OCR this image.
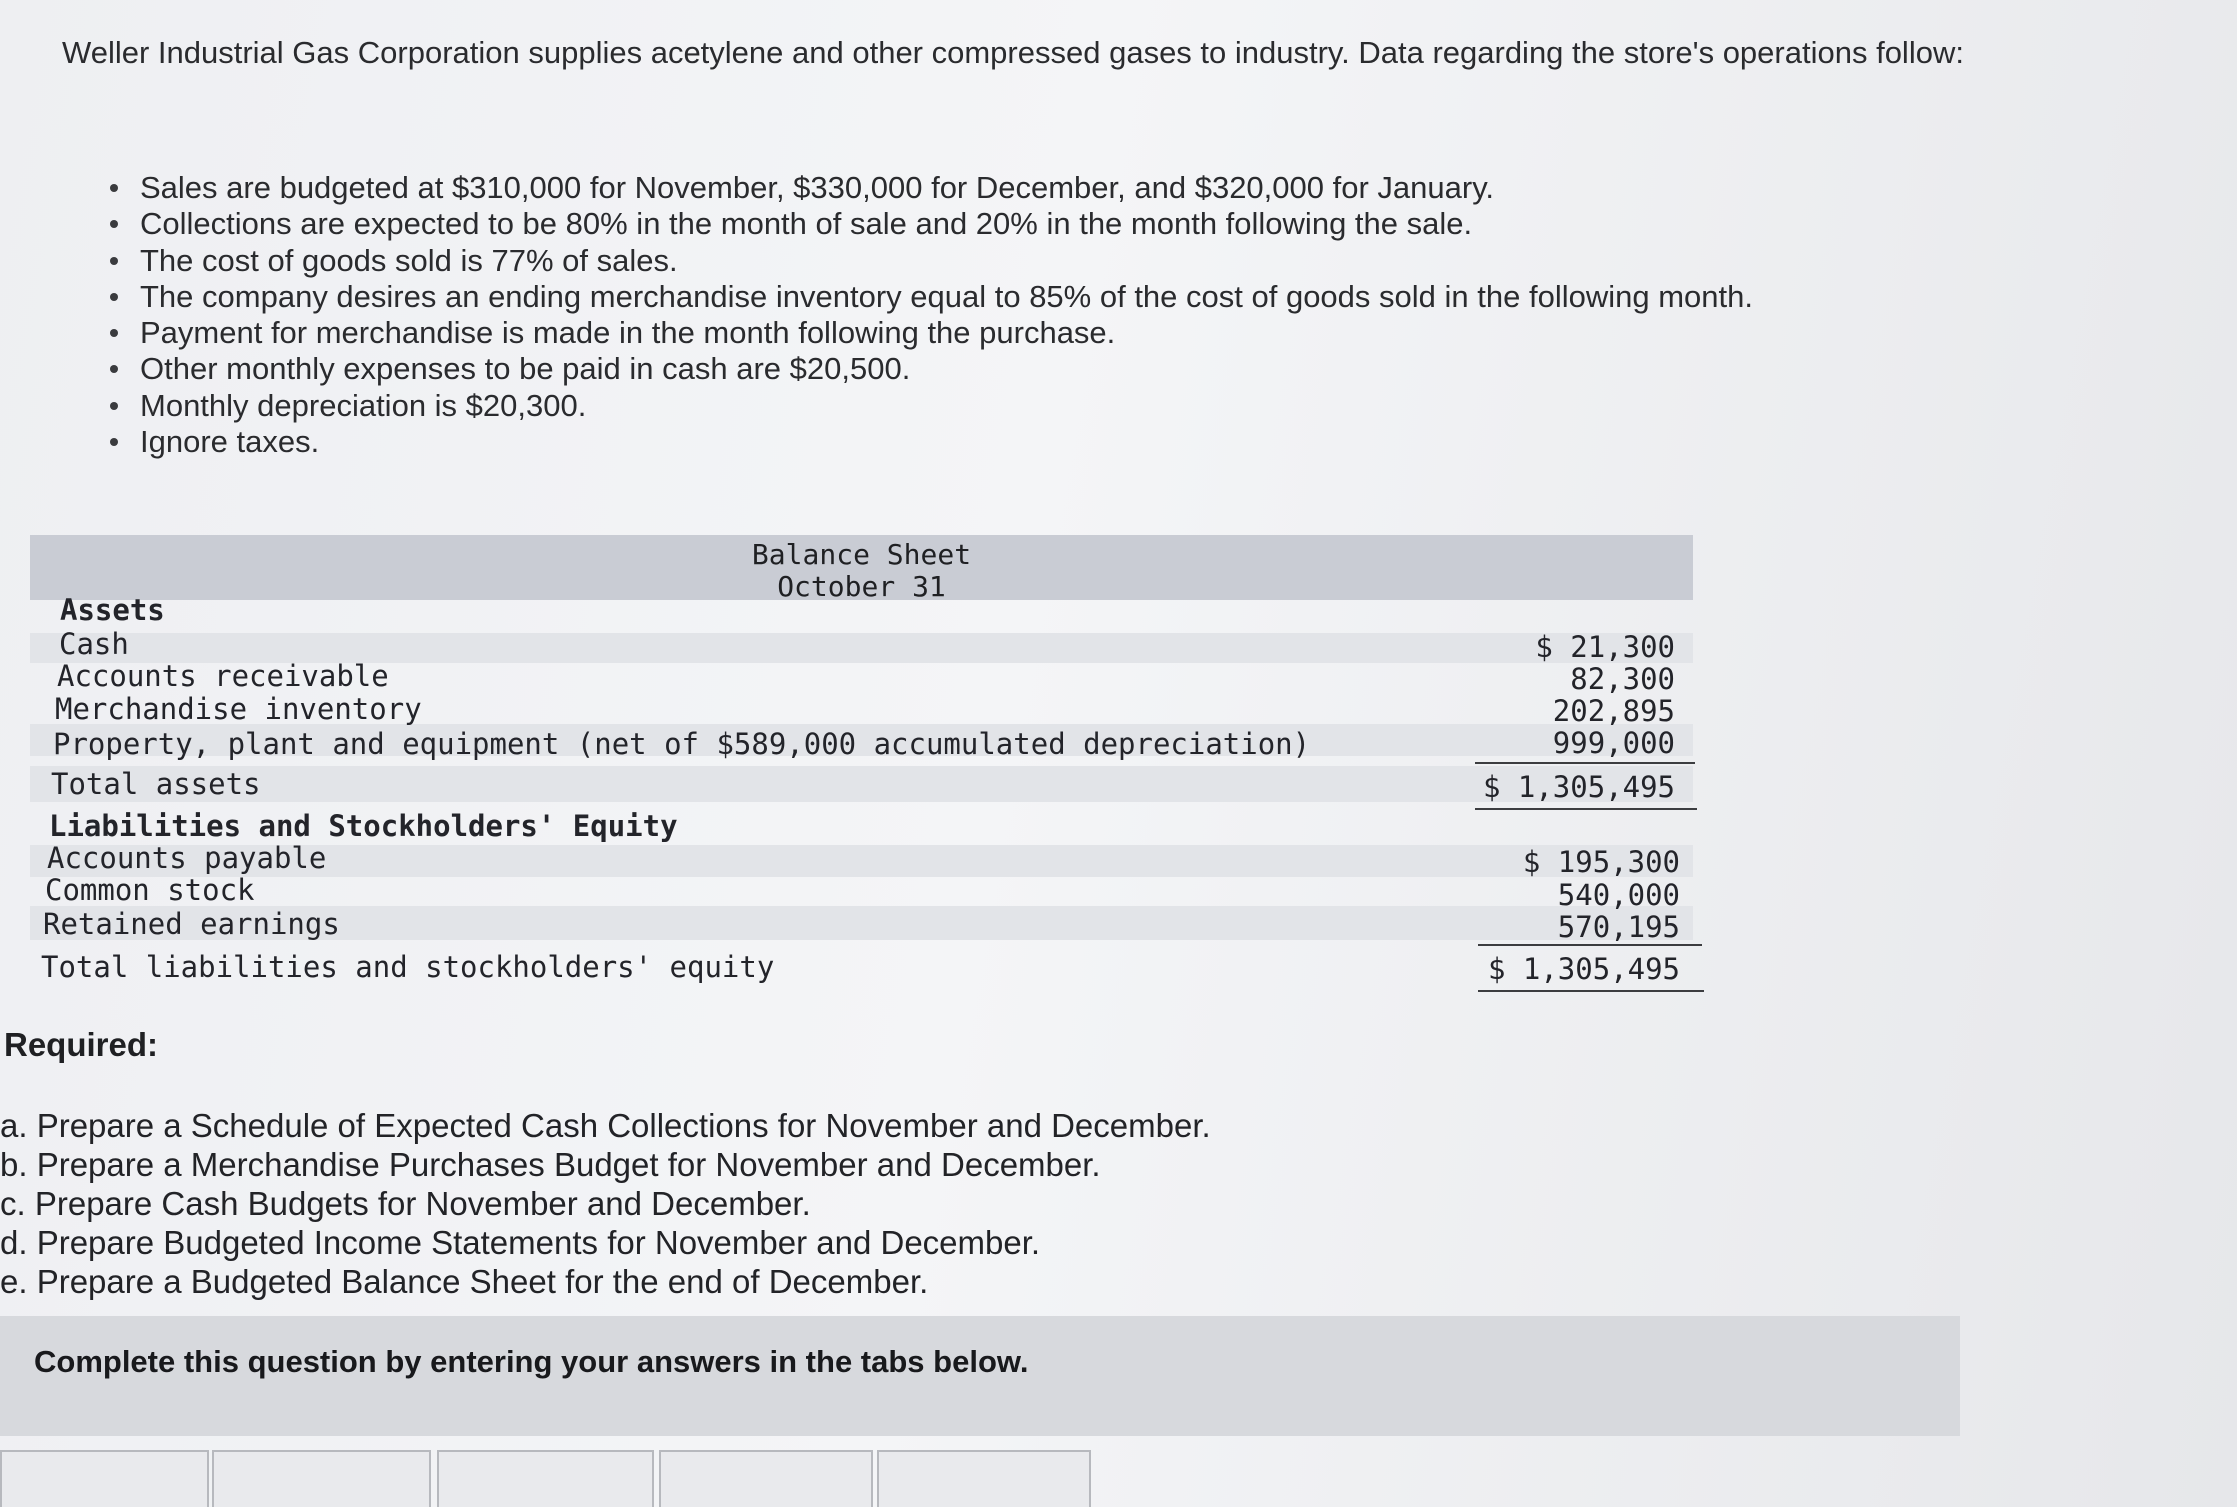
Weller Industrial Gas Corporation supplies acetylene and other compressed gases to industry. Data regarding the store's operations follow:
Sales are budgeted at $310,000 for November, $330,000 for December, and $320,000 for January.
Collections are expected to be 80% in the month of sale and 20% in the month following the sale.
The cost of goods sold is 77% of sales.
The company desires an ending merchandise inventory equal to 85% of the cost of goods sold in the following month.
Payment for merchandise is made in the month following the purchase.
Other monthly expenses to be paid in cash are $20,500.
Monthly depreciation is $20,300.
Ignore taxes.
Balance Sheet
October 31
Assets
Cash
Accounts receivable
Merchandise inventory
Property, plant and equipment (net of $589,000 accumulated depreciation)
Total assets
Liabilities and Stockholders' Equity
Accounts payable
Common stock
Retained earnings
Total liabilities and stockholders' equity
$ 21,300
82,300
202,895
999,000
$ 1,305,495
$ 195,300
540,000
570,195
$ 1,305,495
Required:
a. Prepare a Schedule of Expected Cash Collections for November and December.
b. Prepare a Merchandise Purchases Budget for November and December.
c. Prepare Cash Budgets for November and December.
d. Prepare Budgeted Income Statements for November and December.
e. Prepare a Budgeted Balance Sheet for the end of December.
Complete this question by entering your answers in the tabs below.
